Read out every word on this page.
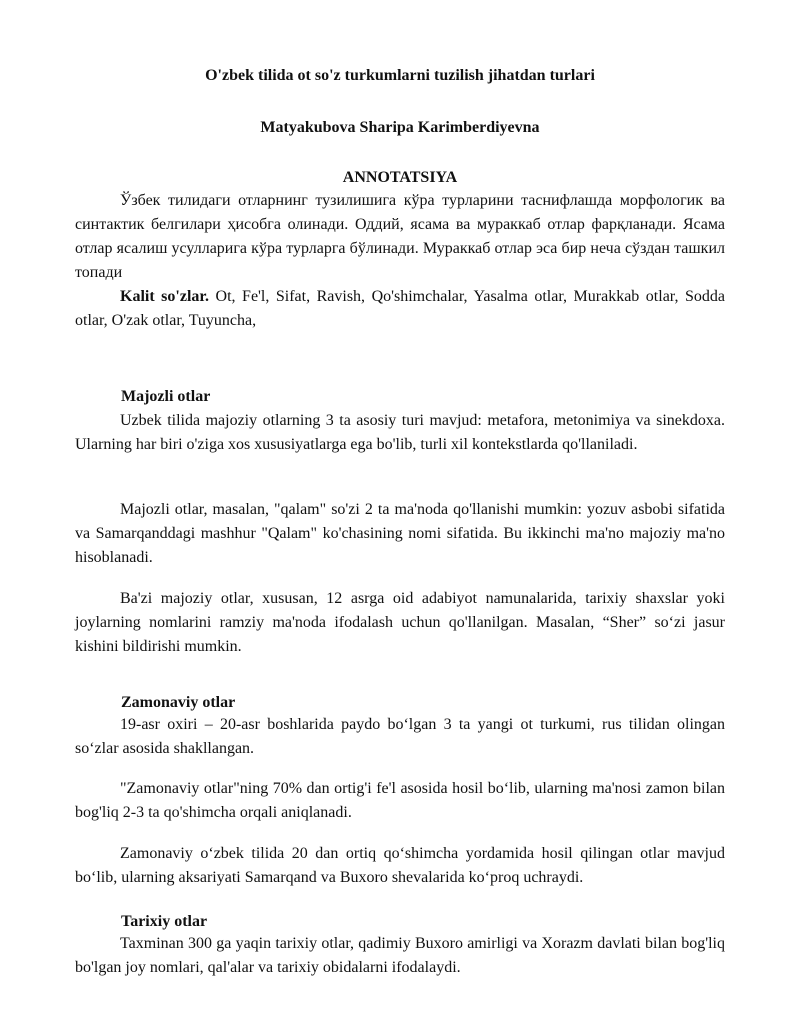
O'zbek tilida ot so'z turkumlarni tuzilish jihatdan turlari
Matyakubova Sharipa Karimberdiyevna
ANNOTATSIYA

Ўзбек тилидаги отларнинг тузилишига кўра турларини таснифлашда морфологик ва синтактик белгилари ҳисобга олинади. Оддий, ясама ва мураккаб отлар фарқланади. Ясама отлар ясалиш усулларига кўра турларга бўлинади. Мураккаб отлар эса бир неча сўздан ташкил топади

Kalit so'zlar. Ot, Fe'l, Sifat, Ravish, Qo'shimchalar, Yasalma otlar, Murakkab otlar, Sodda otlar, O'zak otlar, Tuyuncha,

Majozli otlar

Uzbek tilida majoziy otlarning 3 ta asosiy turi mavjud: metafora, metonimiya va sinekdoxa. Ularning har biri o'ziga xos xususiyatlarga ega bo'lib, turli xil kontekstlarda qo'llaniladi.

Majozli otlar, masalan, "qalam" so'zi 2 ta ma'noda qo'llanishi mumkin: yozuv asbobi sifatida va Samarqanddagi mashhur "Qalam" ko'chasining nomi sifatida. Bu ikkinchi ma'no majoziy ma'no hisoblanadi.

Ba'zi majoziy otlar, xususan, 12 asrga oid adabiyot namunalarida, tarixiy shaxslar yoki joylarning nomlarini ramziy ma'noda ifodalash uchun qo'llanilgan. Masalan, “Sher” so‘zi jasur kishini bildirishi mumkin.

Zamonaviy otlar

19-asr oxiri – 20-asr boshlarida paydo bo‘lgan 3 ta yangi ot turkumi, rus tilidan olingan so‘zlar asosida shakllangan.

"Zamonaviy otlar"ning 70% dan ortig'i fe'l asosida hosil bo‘lib, ularning ma'nosi zamon bilan bog'liq 2-3 ta qo'shimcha orqali aniqlanadi.

Zamonaviy o‘zbek tilida 20 dan ortiq qo‘shimcha yordamida hosil qilingan otlar mavjud bo‘lib, ularning aksariyati Samarqand va Buxoro shevalarida ko‘proq uchraydi.

Tarixiy otlar

Taxminan 300 ga yaqin tarixiy otlar, qadimiy Buxoro amirligi va Xorazm davlati bilan bog'liq bo'lgan joy nomlari, qal'alar va tarixiy obidalarni ifodalaydi.
